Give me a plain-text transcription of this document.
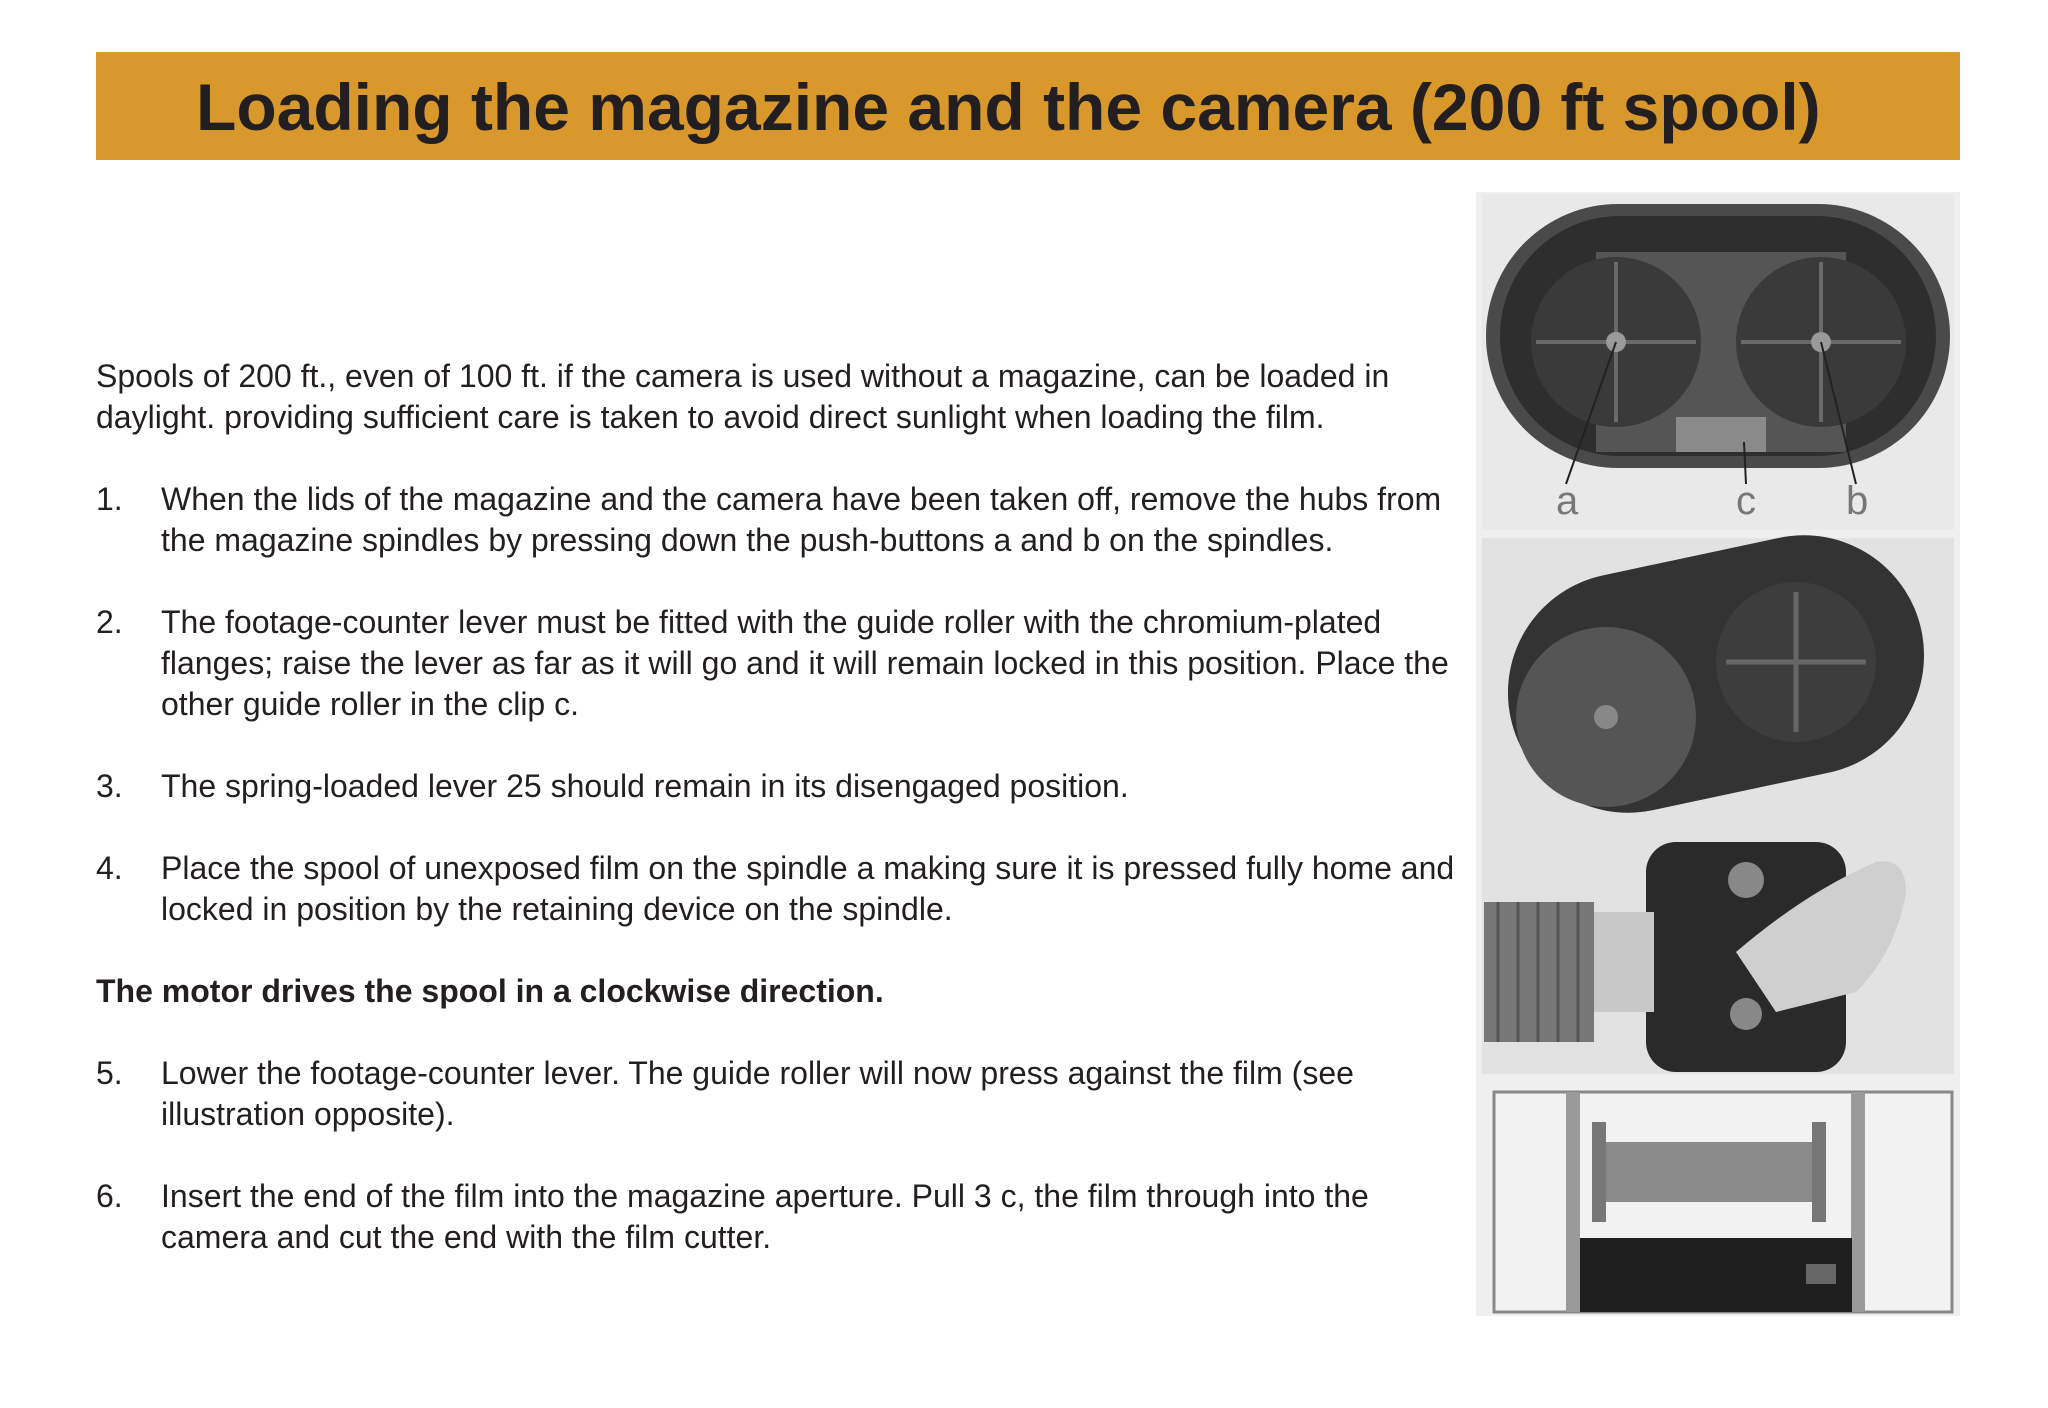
Loading the magazine and the camera (200 ft spool)

Spools of 200 ft., even of 100 ft. if the camera is used without a magazine, can be loaded in daylight. providing sufficient care is taken to avoid direct sunlight when loading the film.

1.	When the lids of the magazine and the camera have been taken off, remove the hubs from the magazine spindles by pressing down the push-buttons a and b on the spindles.
2.	The footage-counter lever must be fitted with the guide roller with the chromium-plated flanges; raise the lever as far as it will go and it will remain locked in this position. Place the other guide roller in the clip c.
3.	The spring-loaded lever 25 should remain in its disengaged position.
4.	Place the spool of unexposed film on the spindle a making sure it is pressed fully home and locked in position by the retaining device on the spindle.

The motor drives the spool in a clockwise direction.

5.	Lower the footage-counter lever. The guide roller will now press against the film (see illustration opposite).
6.	Insert the end of the film into the magazine aperture. Pull 3 c, the film through into the camera and cut the end with the film cutter.
a	c b
